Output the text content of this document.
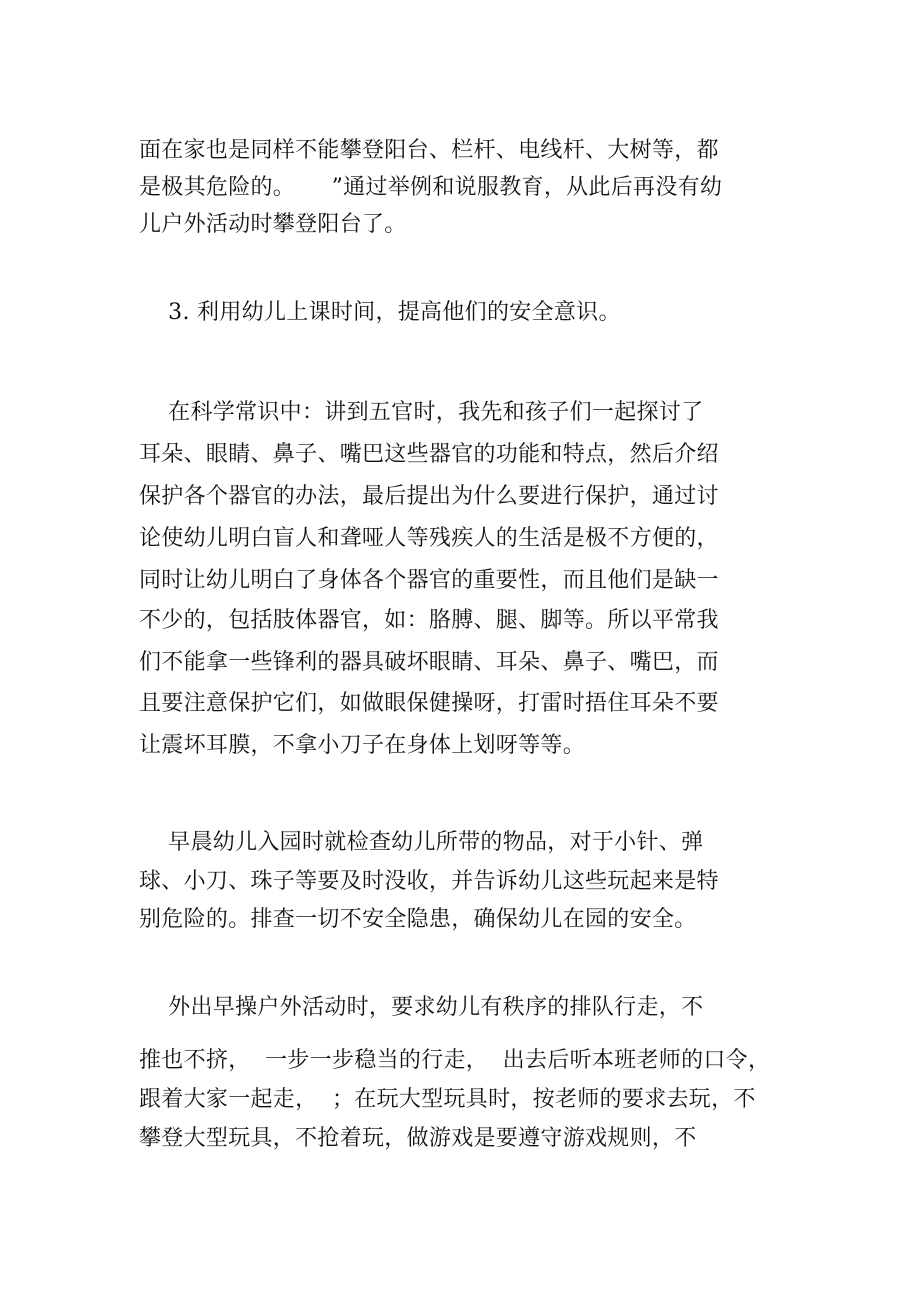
面在家也是同样不能攀登阳台、栏杆、电线杆、大树等，都
是极其危险的。     ”通过举例和说服教育，从此后再没有幼
儿户外活动时攀登阳台了。
3. 利用幼儿上课时间，提高他们的安全意识。
在科学常识中：讲到五官时，我先和孩子们一起探讨了
耳朵、眼睛、鼻子、嘴巴这些器官的功能和特点，然后介绍
保护各个器官的办法，最后提出为什么要进行保护，通过讨
论使幼儿明白盲人和聋哑人等残疾人的生活是极不方便的，
同时让幼儿明白了身体各个器官的重要性，而且他们是缺一
不少的，包括肢体器官，如：胳膊、腿、脚等。所以平常我
们不能拿一些锋利的器具破坏眼睛、耳朵、鼻子、嘴巴，而
且要注意保护它们，如做眼保健操呀，打雷时捂住耳朵不要
让震坏耳膜，不拿小刀子在身体上划呀等等。
早晨幼儿入园时就检查幼儿所带的物品，对于小针、弹
球、小刀、珠子等要及时没收，并告诉幼儿这些玩起来是特
别危险的。排查一切不安全隐患，确保幼儿在园的安全。
外出早操户外活动时，要求幼儿有秩序的排队行走，不
推也不挤，  一步一步稳当的行走，  出去后听本班老师的口令，
跟着大家一起走，  ；在玩大型玩具时，按老师的要求去玩，不
攀登大型玩具，不抢着玩，做游戏是要遵守游戏规则，不
